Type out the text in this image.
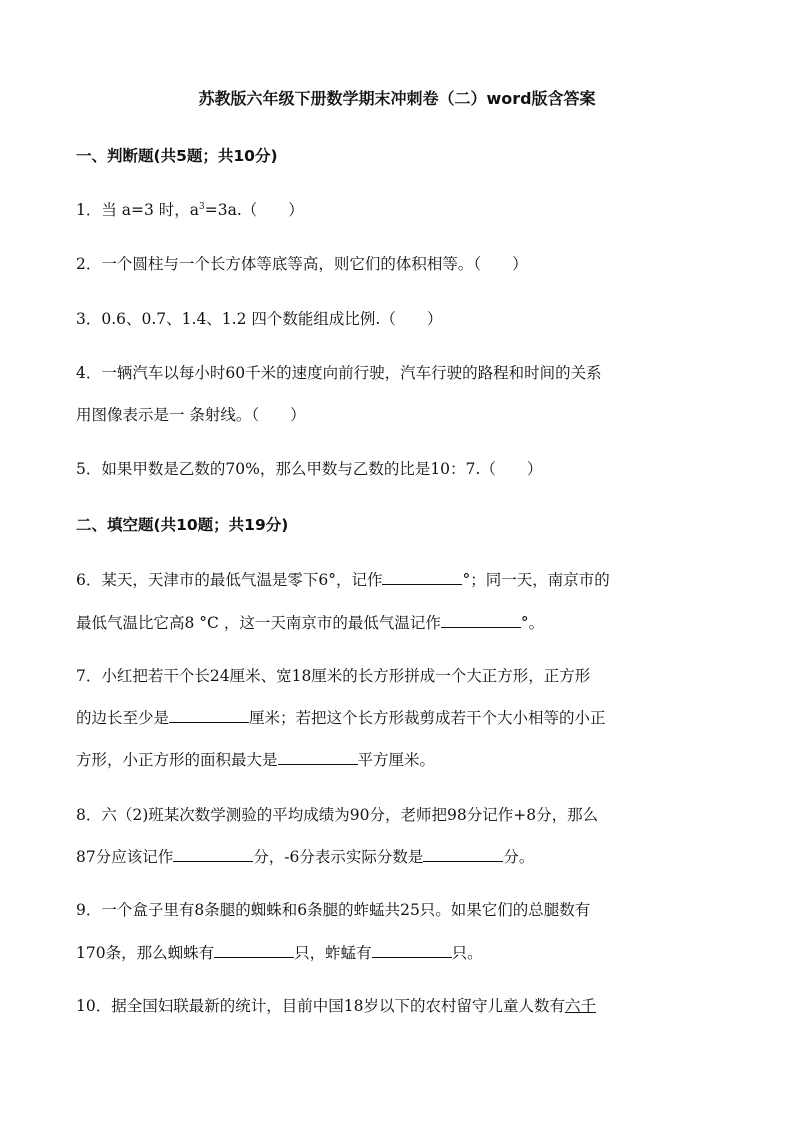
苏教版六年级下册数学期末冲刺卷（二）word版含答案
一、判断题(共5题；共10分)
1．当 a=3 时，$a^3=3a$.（　　）
2．一个圆柱与一个长方体等底等高，则它们的体积相等。（　　）
3．0.6、0.7、1.4、1.2 四个数能组成比例.（　　）
4．一辆汽车以每小时60千米的速度向前行驶，汽车行驶的路程和时间的关系
用图像表示是一 条射线。（　　）
5．如果甲数是乙数的70%，那么甲数与乙数的比是10：7.（　　）
二、填空题(共10题；共19分)
6．某天，天津市的最低气温是零下6°，记作	°；同一天，南京市的
最低气温比它高8 °C ，这一天南京市的最低气温记作	°。
7．小红把若干个长24厘米、宽18厘米的长方形拼成一个大正方形，正方形
的边长至少是	厘米；若把这个长方形裁剪成若干个大小相等的小正
方形，小正方形的面积最大是	平方厘米。
8．六（2)班某次数学测验的平均成绩为90分，老师把98分记作+8分，那么
87分应该记作	分，-6分表示实际分数是	分。
9．一个盒子里有8条腿的蜘蛛和6条腿的蚱蜢共25只。如果它们的总腿数有
170条，那么蜘蛛有	只，蚱蜢有	只。
10．据全国妇联最新的统计，目前中国18岁以下的农村留守儿童人数有六千
